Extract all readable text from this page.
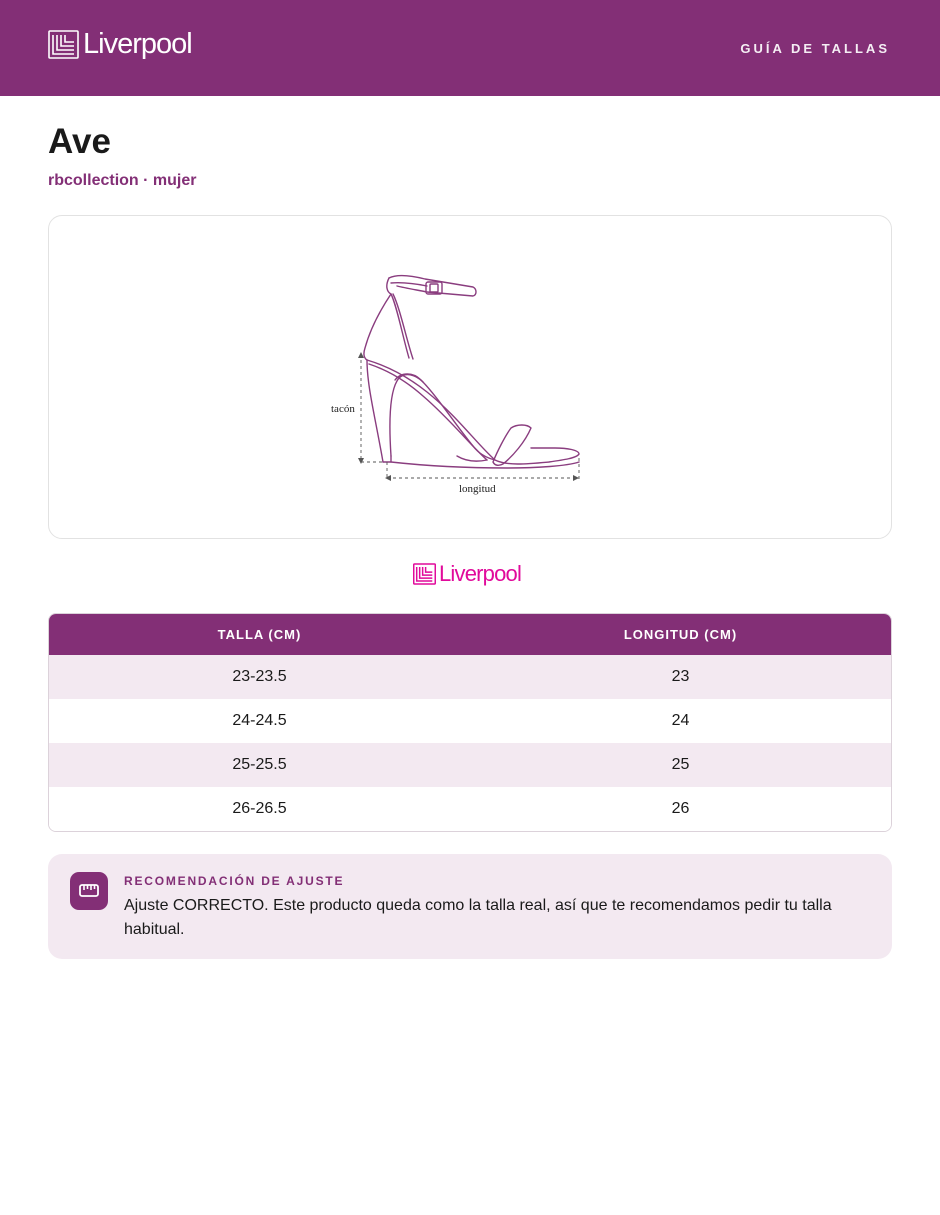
Liverpool	GUÍA DE TALLAS
Ave
rbcollection · mujer
tacón
longitud
Liverpool
TALLA (CM)	LONGITUD (CM)
23-23.5	23
24-24.5	24
25-25.5	25
26-26.5	26
RECOMENDACIÓN DE AJUSTE
Ajuste CORRECTO. Este producto queda como la talla real, así que te recomendamos pedir tu talla habitual.
